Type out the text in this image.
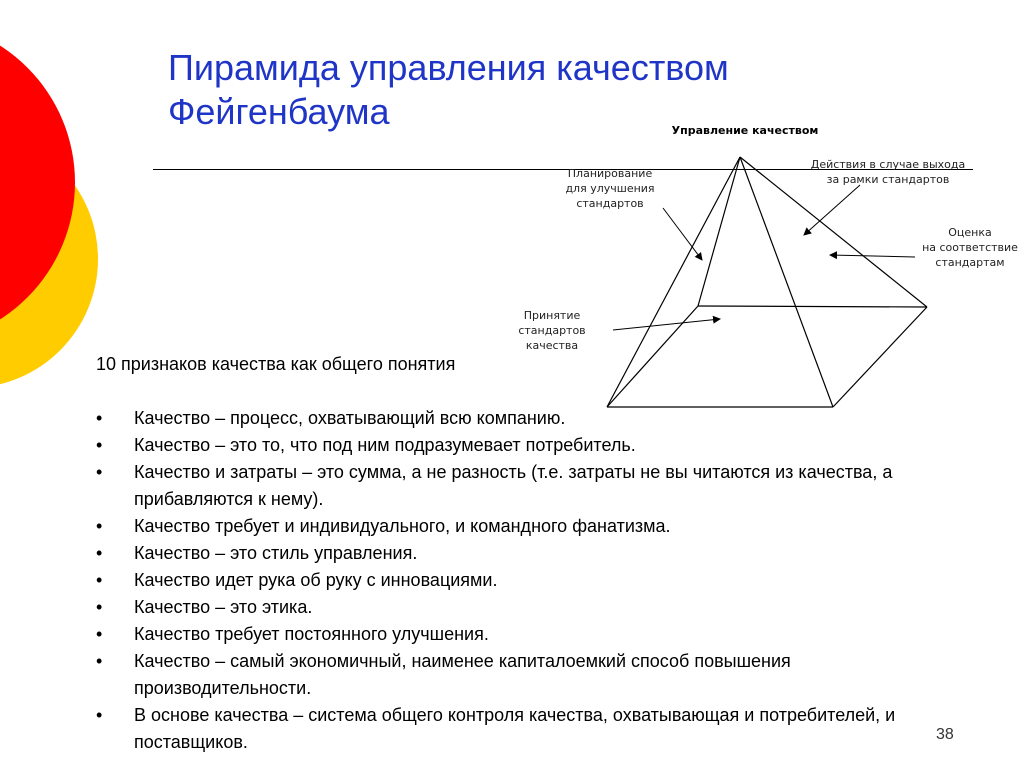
Пирамида управления качеством Фейгенбаума	Управление качеством
Планирование
для улучшения
стандартов
Действия в случае выхода
за рамки стандартов
Оценка
на соответствие
стандартам
Принятие
стандартов
качества

10 признаков качества как общего понятия

• Качество – процесс, охватывающий всю компанию.
• Качество – это то, что под ним подразумевает потребитель.
• Качество и затраты – это сумма, а не разность (т.е. затраты не вы читаются из качества, а прибавляются к нему).
• Качество требует и индивидуального, и командного фанатизма.
• Качество – это стиль управления.
• Качество идет рука об руку с инновациями.
• Качество – это этика.
• Качество требует постоянного улучшения.
• Качество – самый экономичный, наименее капиталоемкий способ повышения производительности.
• В основе качества – система общего контроля качества, охватывающая и потребителей, и поставщиков.	38
